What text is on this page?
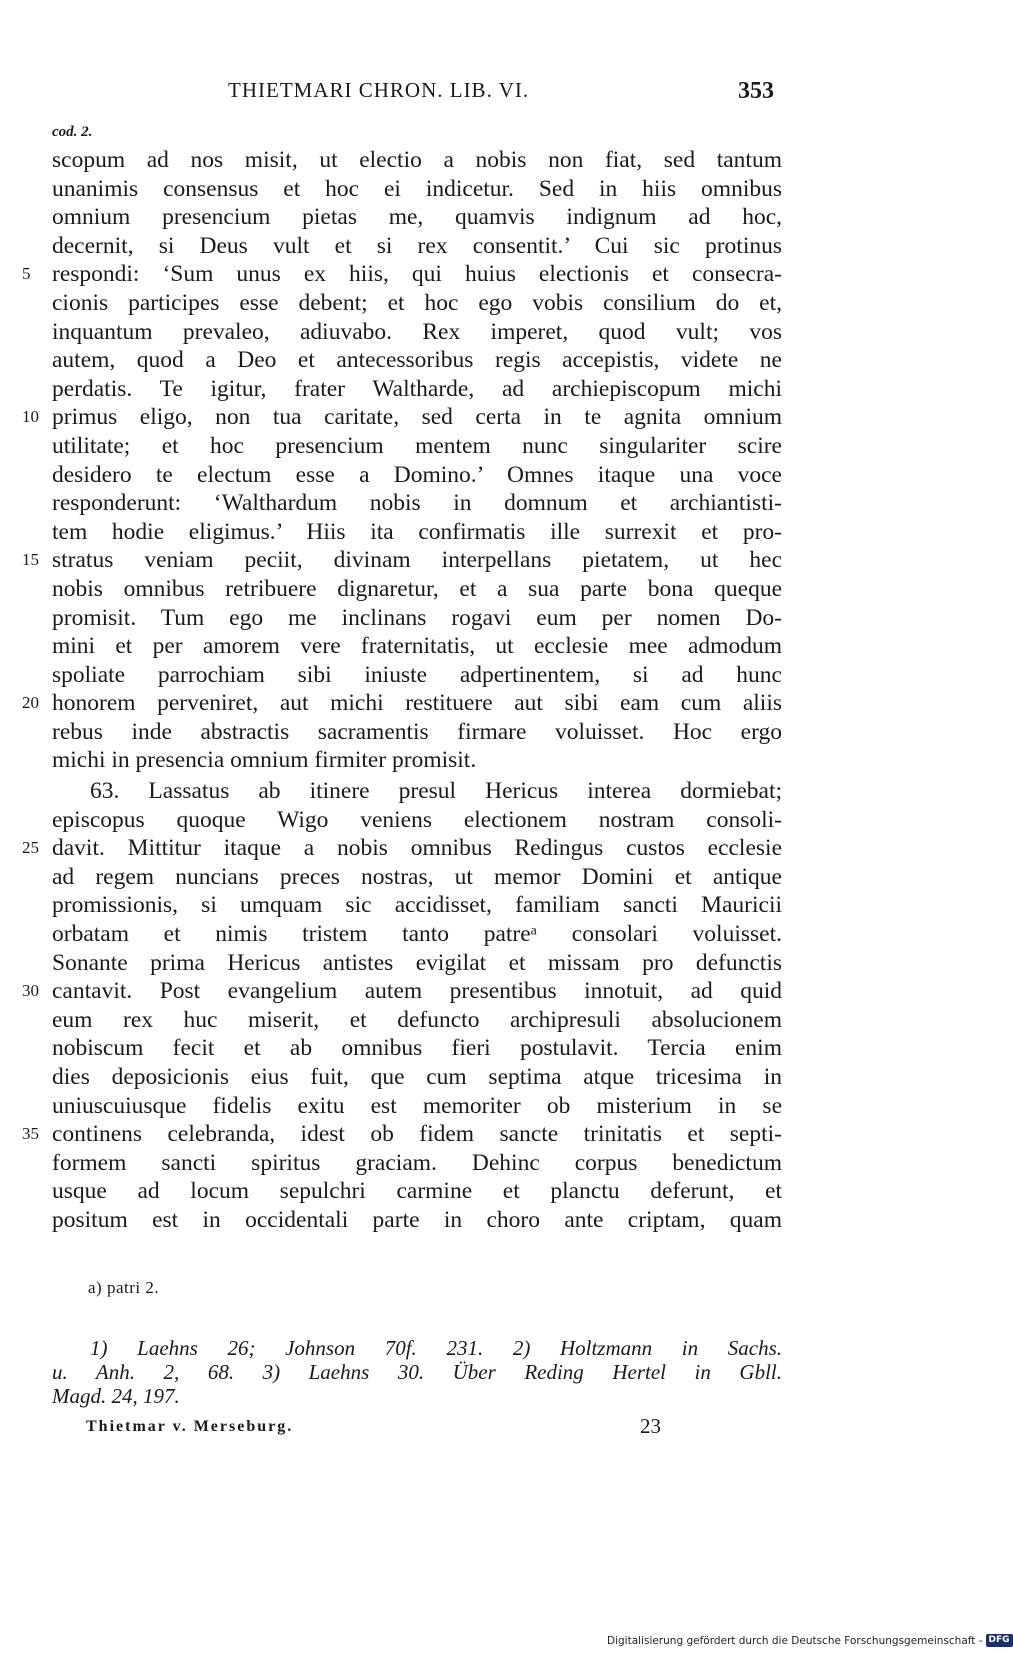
THIETMARI CHRON. LIB. VI.	353
cod. 2.
scopum ad nos misit, ut electio a nobis non fiat, sed tantum
unanimis consensus et hoc ei indicetur. Sed in hiis omnibus
omnium presencium pietas me, quamvis indignum ad hoc,
decernit, si Deus vult et si rex consentit.’ Cui sic protinus
5 respondi: ‘Sum unus ex hiis, qui huius electionis et consecra-
cionis participes esse debent; et hoc ego vobis consilium do et,
inquantum prevaleo, adiuvabo. Rex imperet, quod vult; vos
autem, quod a Deo et antecessoribus regis accepistis, videte ne
perdatis. Te igitur, frater Waltharde, ad archiepiscopum michi
10 primus eligo, non tua caritate, sed certa in te agnita omnium
utilitate; et hoc presencium mentem nunc singulariter scire
desidero te electum esse a Domino.’ Omnes itaque una voce
responderunt: ‘Walthardum nobis in domnum et archiantisti-
tem hodie eligimus.’ Hiis ita confirmatis ille surrexit et pro-
15 stratus veniam peciit, divinam interpellans pietatem, ut hec
nobis omnibus retribuere dignaretur, et a sua parte bona queque
promisit. Tum ego me inclinans rogavi eum per nomen Do-
mini et per amorem vere fraternitatis, ut ecclesie mee admodum
spoliate parrochiam sibi iniuste adpertinentem, si ad hunc
20 honorem perveniret, aut michi restituere aut sibi eam cum aliis
rebus inde abstractis sacramentis firmare voluisset. Hoc ergo
michi in presencia omnium firmiter promisit.
63. Lassatus ab itinere presul Hericus interea dormiebat;
episcopus quoque Wigo veniens electionem nostram consoli-
25 davit. Mittitur itaque a nobis omnibus Redingus custos ecclesie
ad regem nuncians preces nostras, ut memor Domini et antique
promissionis, si umquam sic accidisset, familiam sancti Mauricii
orbatam et nimis tristem tanto patreᵃ consolari voluisset.
Sonante prima Hericus antistes evigilat et missam pro defunctis
30 cantavit. Post evangelium autem presentibus innotuit, ad quid
eum rex huc miserit, et defuncto archipresuli absolucionem
nobiscum fecit et ab omnibus fieri postulavit. Tercia enim
dies deposicionis eius fuit, que cum septima atque tricesima in
uniuscuiusque fidelis exitu est memoriter ob misterium in se
35 continens celebranda, idest ob fidem sancte trinitatis et septi-
formem sancti spiritus graciam. Dehinc corpus benedictum
usque ad locum sepulchri carmine et planctu deferunt, et
positum est in occidentali parte in choro ante criptam, quam
a) patri 2.
1) Laehns 26; Johnson 70f. 231. 2) Holtzmann in Sachs.
u. Anh. 2, 68. 3) Laehns 30. Über Reding Hertel in Gbll.
Magd. 24, 197.
Thietmar v. Merseburg.	23
Digitalisierung gefördert durch die Deutsche Forschungsgemeinschaft - DFG
